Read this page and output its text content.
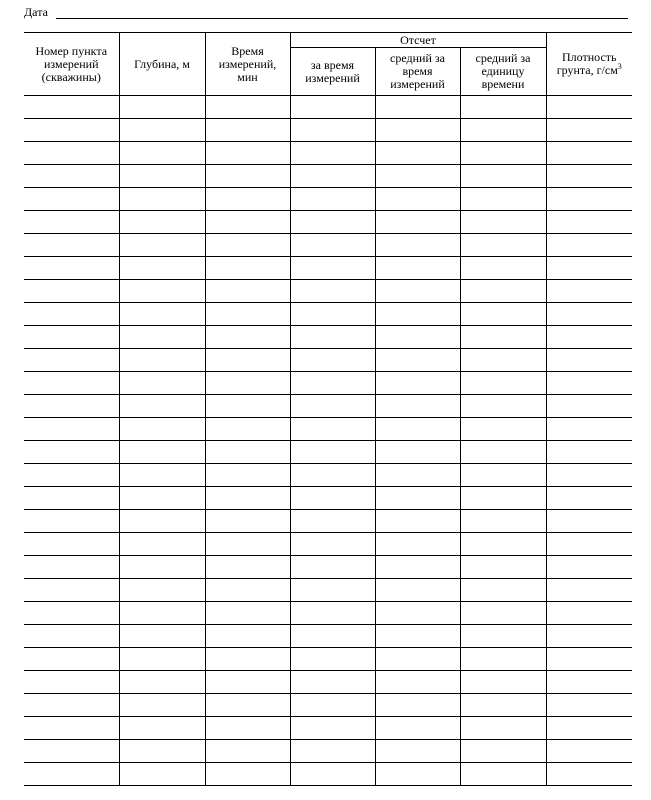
Дата
Номер пункта измерений (скважины)	Глубина, м	Время измерений, мин	Отсчет			Плотность грунта, $г/см^3$
			за время измерений	средний за время измерений	средний за единицу времени	
